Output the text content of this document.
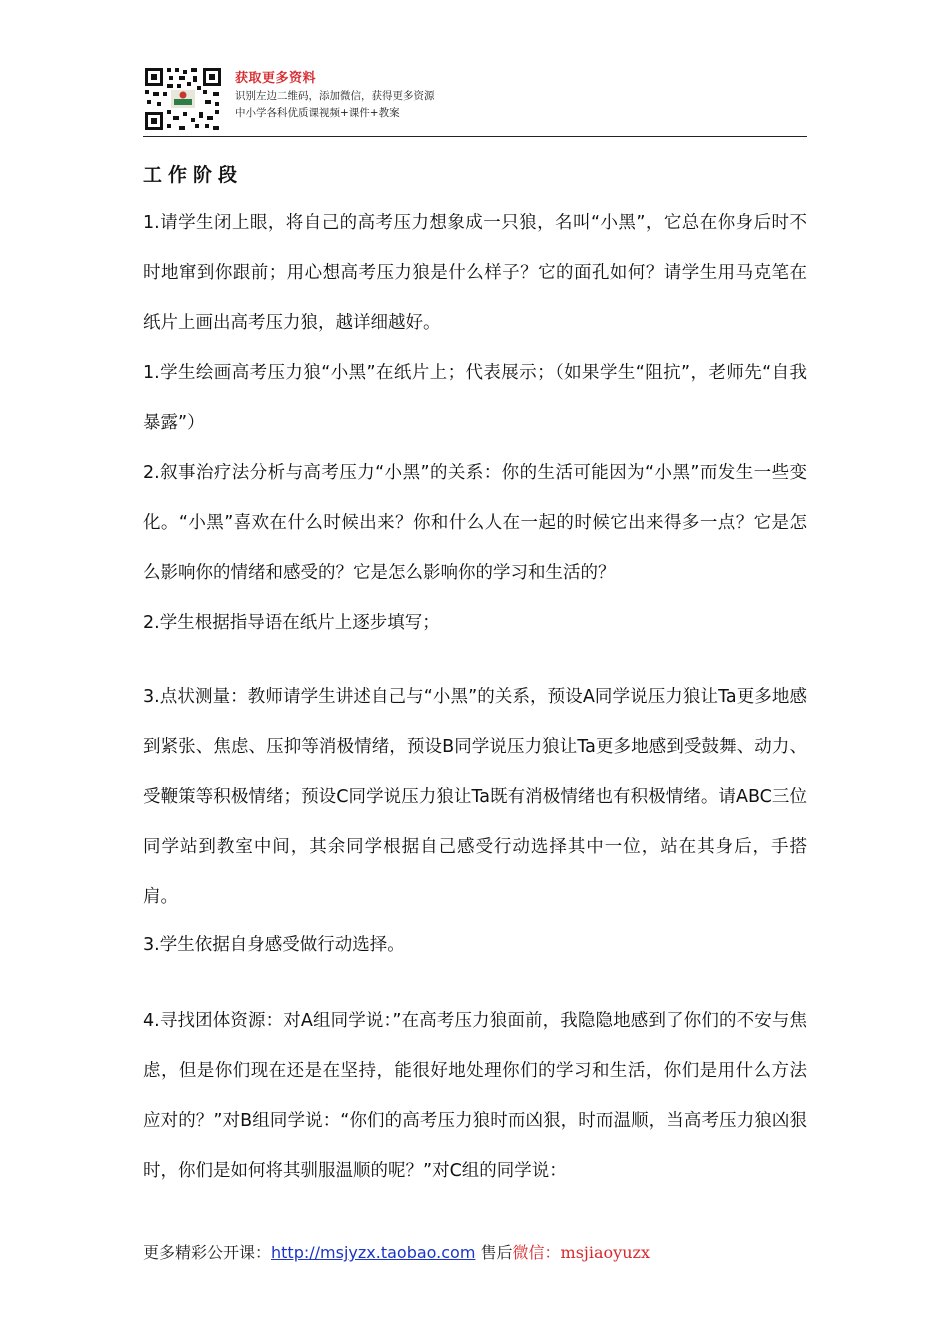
获取更多资料
识别左边二维码，添加微信，获得更多资源
中小学各科优质课视频+课件+教案
工作阶段

1.请学生闭上眼，将自己的高考压力想象成一只狼，名叫“小黑”，它总在你身后时不时地窜到你跟前；用心想高考压力狼是什么样子？它的面孔如何？请学生用马克笔在纸片上画出高考压力狼，越详细越好。

1.学生绘画高考压力狼“小黑”在纸片上；代表展示；（如果学生“阻抗”，老师先“自我暴露”）

2.叙事治疗法分析与高考压力“小黑”的关系：你的生活可能因为“小黑”而发生一些变化。“小黑”喜欢在什么时候出来？你和什么人在一起的时候它出来得多一点？它是怎么影响你的情绪和感受的？它是怎么影响你的学习和生活的？

2.学生根据指导语在纸片上逐步填写；

3.点状测量：教师请学生讲述自己与“小黑”的关系，预设A同学说压力狼让Ta更多地感到紧张、焦虑、压抑等消极情绪，预设B同学说压力狼让Ta更多地感到受鼓舞、动力、受鞭策等积极情绪；预设C同学说压力狼让Ta既有消极情绪也有积极情绪。请ABC三位同学站到教室中间，其余同学根据自己感受行动选择其中一位，站在其身后，手搭肩。

3.学生依据自身感受做行动选择。

4.寻找团体资源：对A组同学说：”在高考压力狼面前，我隐隐地感到了你们的不安与焦虑，但是你们现在还是在坚持，能很好地处理你们的学习和生活，你们是用什么方法应对的？”对B组同学说：“你们的高考压力狼时而凶狠，时而温顺，当高考压力狼凶狠时，你们是如何将其驯服温顺的呢？”对C组的同学说：

更多精彩公开课：http://msjyzx.taobao.com 售后微信：msjiaoyuzx
